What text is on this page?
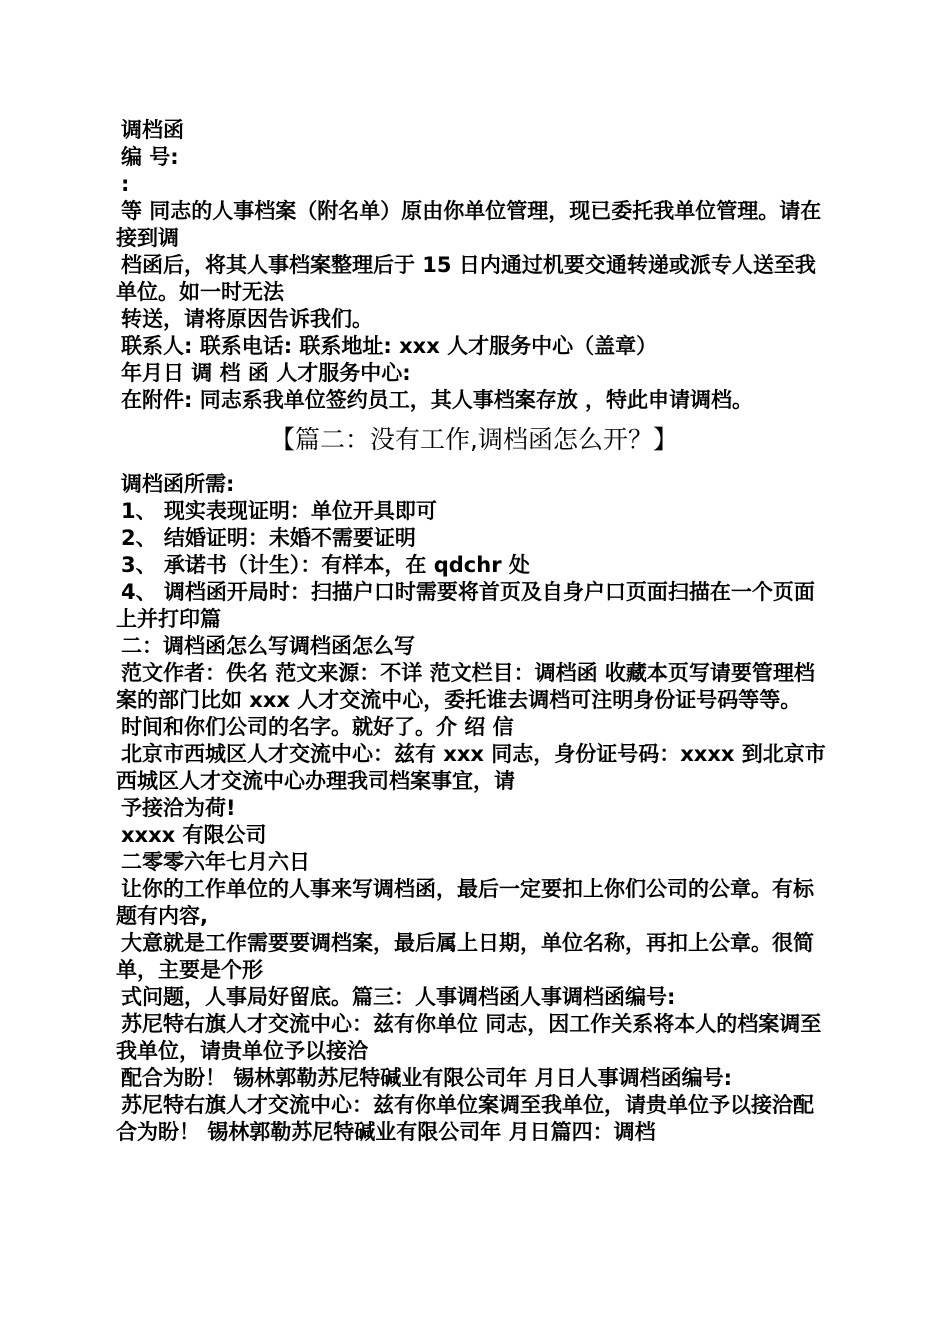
调档函
编 号:
:
等 同志的人事档案（附名单）原由你单位管理，现已委托我单位管理。请在接到调
档函后，将其人事档案整理后于 15 日内通过机要交通转递或派专人送至我单位。如一时无法
转送，请将原因告诉我们。
联系人: 联系电话: 联系地址: xxx 人才服务中心（盖章）
年月日 调 档 函 人才服务中心:
在附件: 同志系我单位签约员工，其人事档案存放 ，特此申请调档。
【篇二：没有工作,调档函怎么开？】
调档函所需:
1、 现实表现证明：单位开具即可
2、 结婚证明：未婚不需要证明
3、 承诺书（计生）：有样本，在 qdchr 处
4、 调档函开局时：扫描户口时需要将首页及自身户口页面扫描在一个页面上并打印篇
二：调档函怎么写调档函怎么写
范文作者：佚名 范文来源：不详 范文栏目：调档函 收藏本页写请要管理档案的部门比如 xxx 人才交流中心，委托谁去调档可注明身份证号码等等。
时间和你们公司的名字。就好了。介 绍 信
北京市西城区人才交流中心：兹有 xxx 同志，身份证号码：xxxx 到北京市西城区人才交流中心办理我司档案事宜，请
予接洽为荷!
xxxx 有限公司
二零零六年七月六日
让你的工作单位的人事来写调档函，最后一定要扣上你们公司的公章。有标题有内容,
大意就是工作需要要调档案，最后属上日期，单位名称，再扣上公章。很简单，主要是个形
式问题，人事局好留底。篇三：人事调档函人事调档函编号:
苏尼特右旗人才交流中心：兹有你单位 同志，因工作关系将本人的档案调至我单位，请贵单位予以接洽
配合为盼！ 锡林郭勒苏尼特碱业有限公司年 月日人事调档函编号:
苏尼特右旗人才交流中心：兹有你单位案调至我单位，请贵单位予以接洽配合为盼！ 锡林郭勒苏尼特碱业有限公司年 月日篇四：调档
